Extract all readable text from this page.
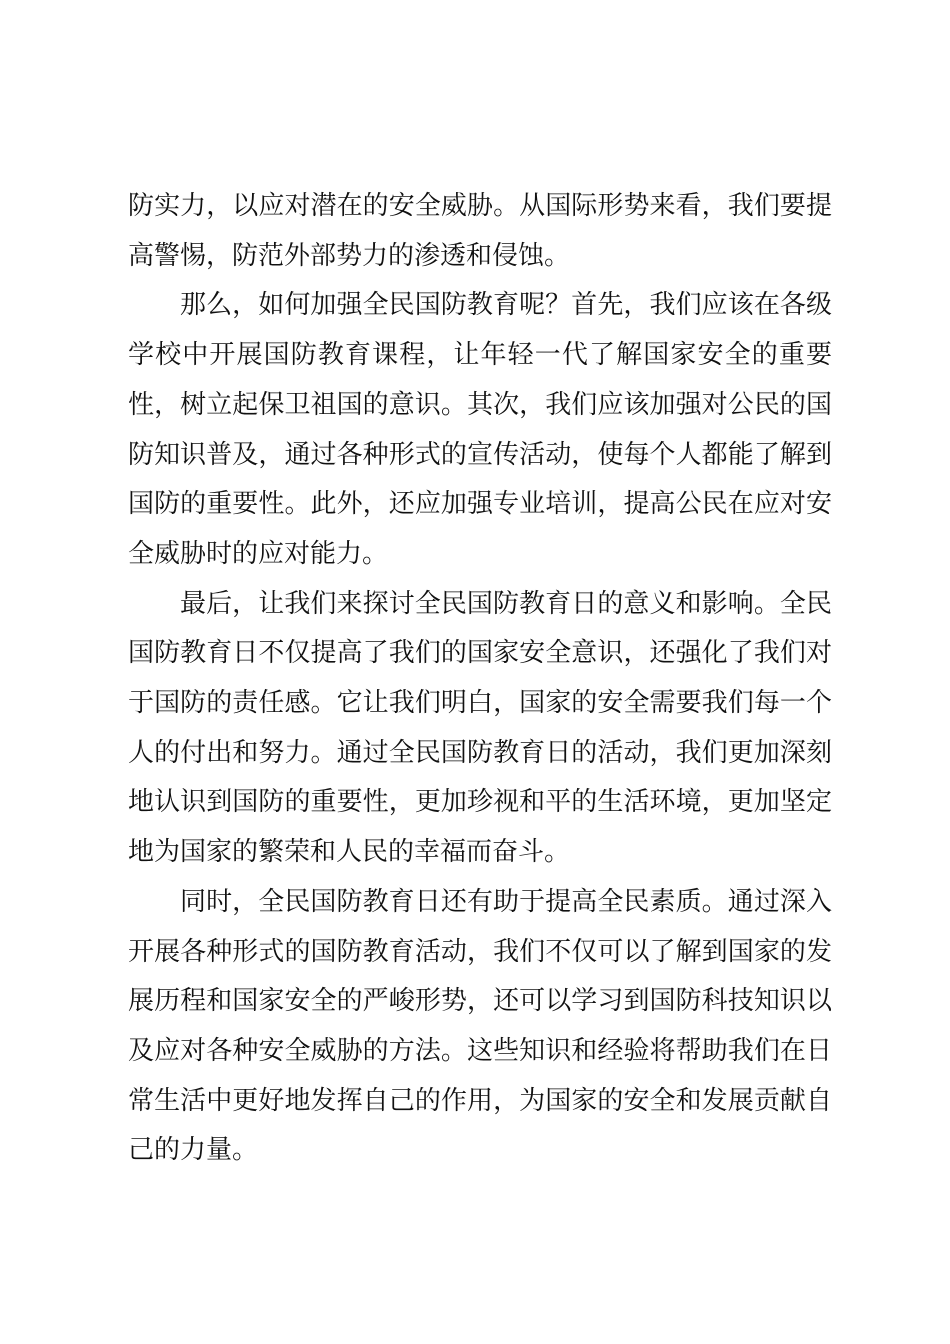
防实力，以应对潜在的安全威胁。从国际形势来看，我们要提高警惕，防范外部势力的渗透和侵蚀。

那么，如何加强全民国防教育呢？首先，我们应该在各级学校中开展国防教育课程，让年轻一代了解国家安全的重要性，树立起保卫祖国的意识。其次，我们应该加强对公民的国防知识普及，通过各种形式的宣传活动，使每个人都能了解到国防的重要性。此外，还应加强专业培训，提高公民在应对安全威胁时的应对能力。

最后，让我们来探讨全民国防教育日的意义和影响。全民国防教育日不仅提高了我们的国家安全意识，还强化了我们对于国防的责任感。它让我们明白，国家的安全需要我们每一个人的付出和努力。通过全民国防教育日的活动，我们更加深刻地认识到国防的重要性，更加珍视和平的生活环境，更加坚定地为国家的繁荣和人民的幸福而奋斗。

同时，全民国防教育日还有助于提高全民素质。通过深入开展各种形式的国防教育活动，我们不仅可以了解到国家的发展历程和国家安全的严峻形势，还可以学习到国防科技知识以及应对各种安全威胁的方法。这些知识和经验将帮助我们在日常生活中更好地发挥自己的作用，为国家的安全和发展贡献自己的力量。
